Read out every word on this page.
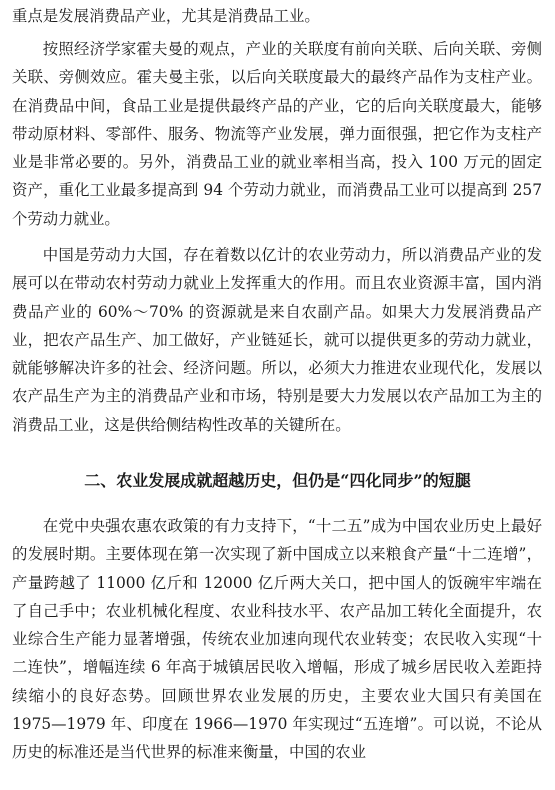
重点是发展消费品产业，尤其是消费品工业。

按照经济学家霍夫曼的观点，产业的关联度有前向关联、后向关联、旁侧关联、旁侧效应。霍夫曼主张，以后向关联度最大的最终产品作为支柱产业。在消费品中间，食品工业是提供最终产品的产业，它的后向关联度最大，能够带动原材料、零部件、服务、物流等产业发展，弹力面很强，把它作为支柱产业是非常必要的。另外，消费品工业的就业率相当高，投入 100 万元的固定资产，重化工业最多提高到 94 个劳动力就业，而消费品工业可以提高到 257 个劳动力就业。

中国是劳动力大国，存在着数以亿计的农业劳动力，所以消费品产业的发展可以在带动农村劳动力就业上发挥重大的作用。而且农业资源丰富，国内消费品产业的 60%～70% 的资源就是来自农副产品。如果大力发展消费品产业，把农产品生产、加工做好，产业链延长，就可以提供更多的劳动力就业，就能够解决许多的社会、经济问题。所以，必须大力推进农业现代化，发展以农产品生产为主的消费品产业和市场，特别是要大力发展以农产品加工为主的消费品工业，这是供给侧结构性改革的关键所在。

二、农业发展成就超越历史，但仍是“四化同步”的短腿

在党中央强农惠农政策的有力支持下，“十二五”成为中国农业历史上最好的发展时期。主要体现在第一次实现了新中国成立以来粮食产量“十二连增”，产量跨越了 11000 亿斤和 12000 亿斤两大关口，把中国人的饭碗牢牢端在了自己手中；农业机械化程度、农业科技水平、农产品加工转化全面提升，农业综合生产能力显著增强，传统农业加速向现代农业转变；农民收入实现“十二连快”，增幅连续 6 年高于城镇居民收入增幅，形成了城乡居民收入差距持续缩小的良好态势。回顾世界农业发展的历史，主要农业大国只有美国在 1975—1979 年、印度在 1966—1970 年实现过“五连增”。可以说，不论从历史的标准还是当代世界的标准来衡量，中国的农业
